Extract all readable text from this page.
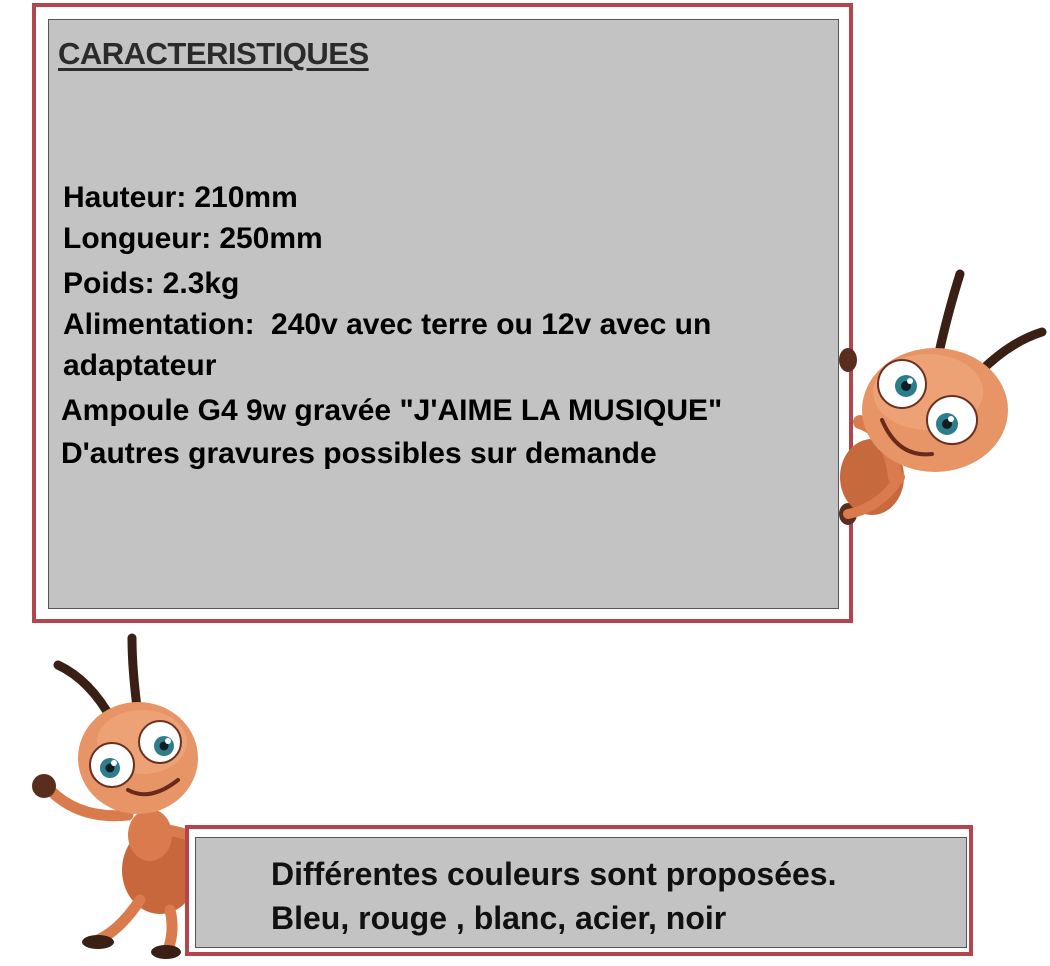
CARACTERISTIQUES
Hauteur: 210mm
Longueur: 250mm
Poids: 2.3kg
Alimentation: 240v avec terre ou 12v avec un adaptateur
Ampoule G4 9w gravée "J'AIME LA MUSIQUE"
D'autres gravures possibles sur demande
Différentes couleurs sont proposées.
Bleu, rouge , blanc, acier, noir
